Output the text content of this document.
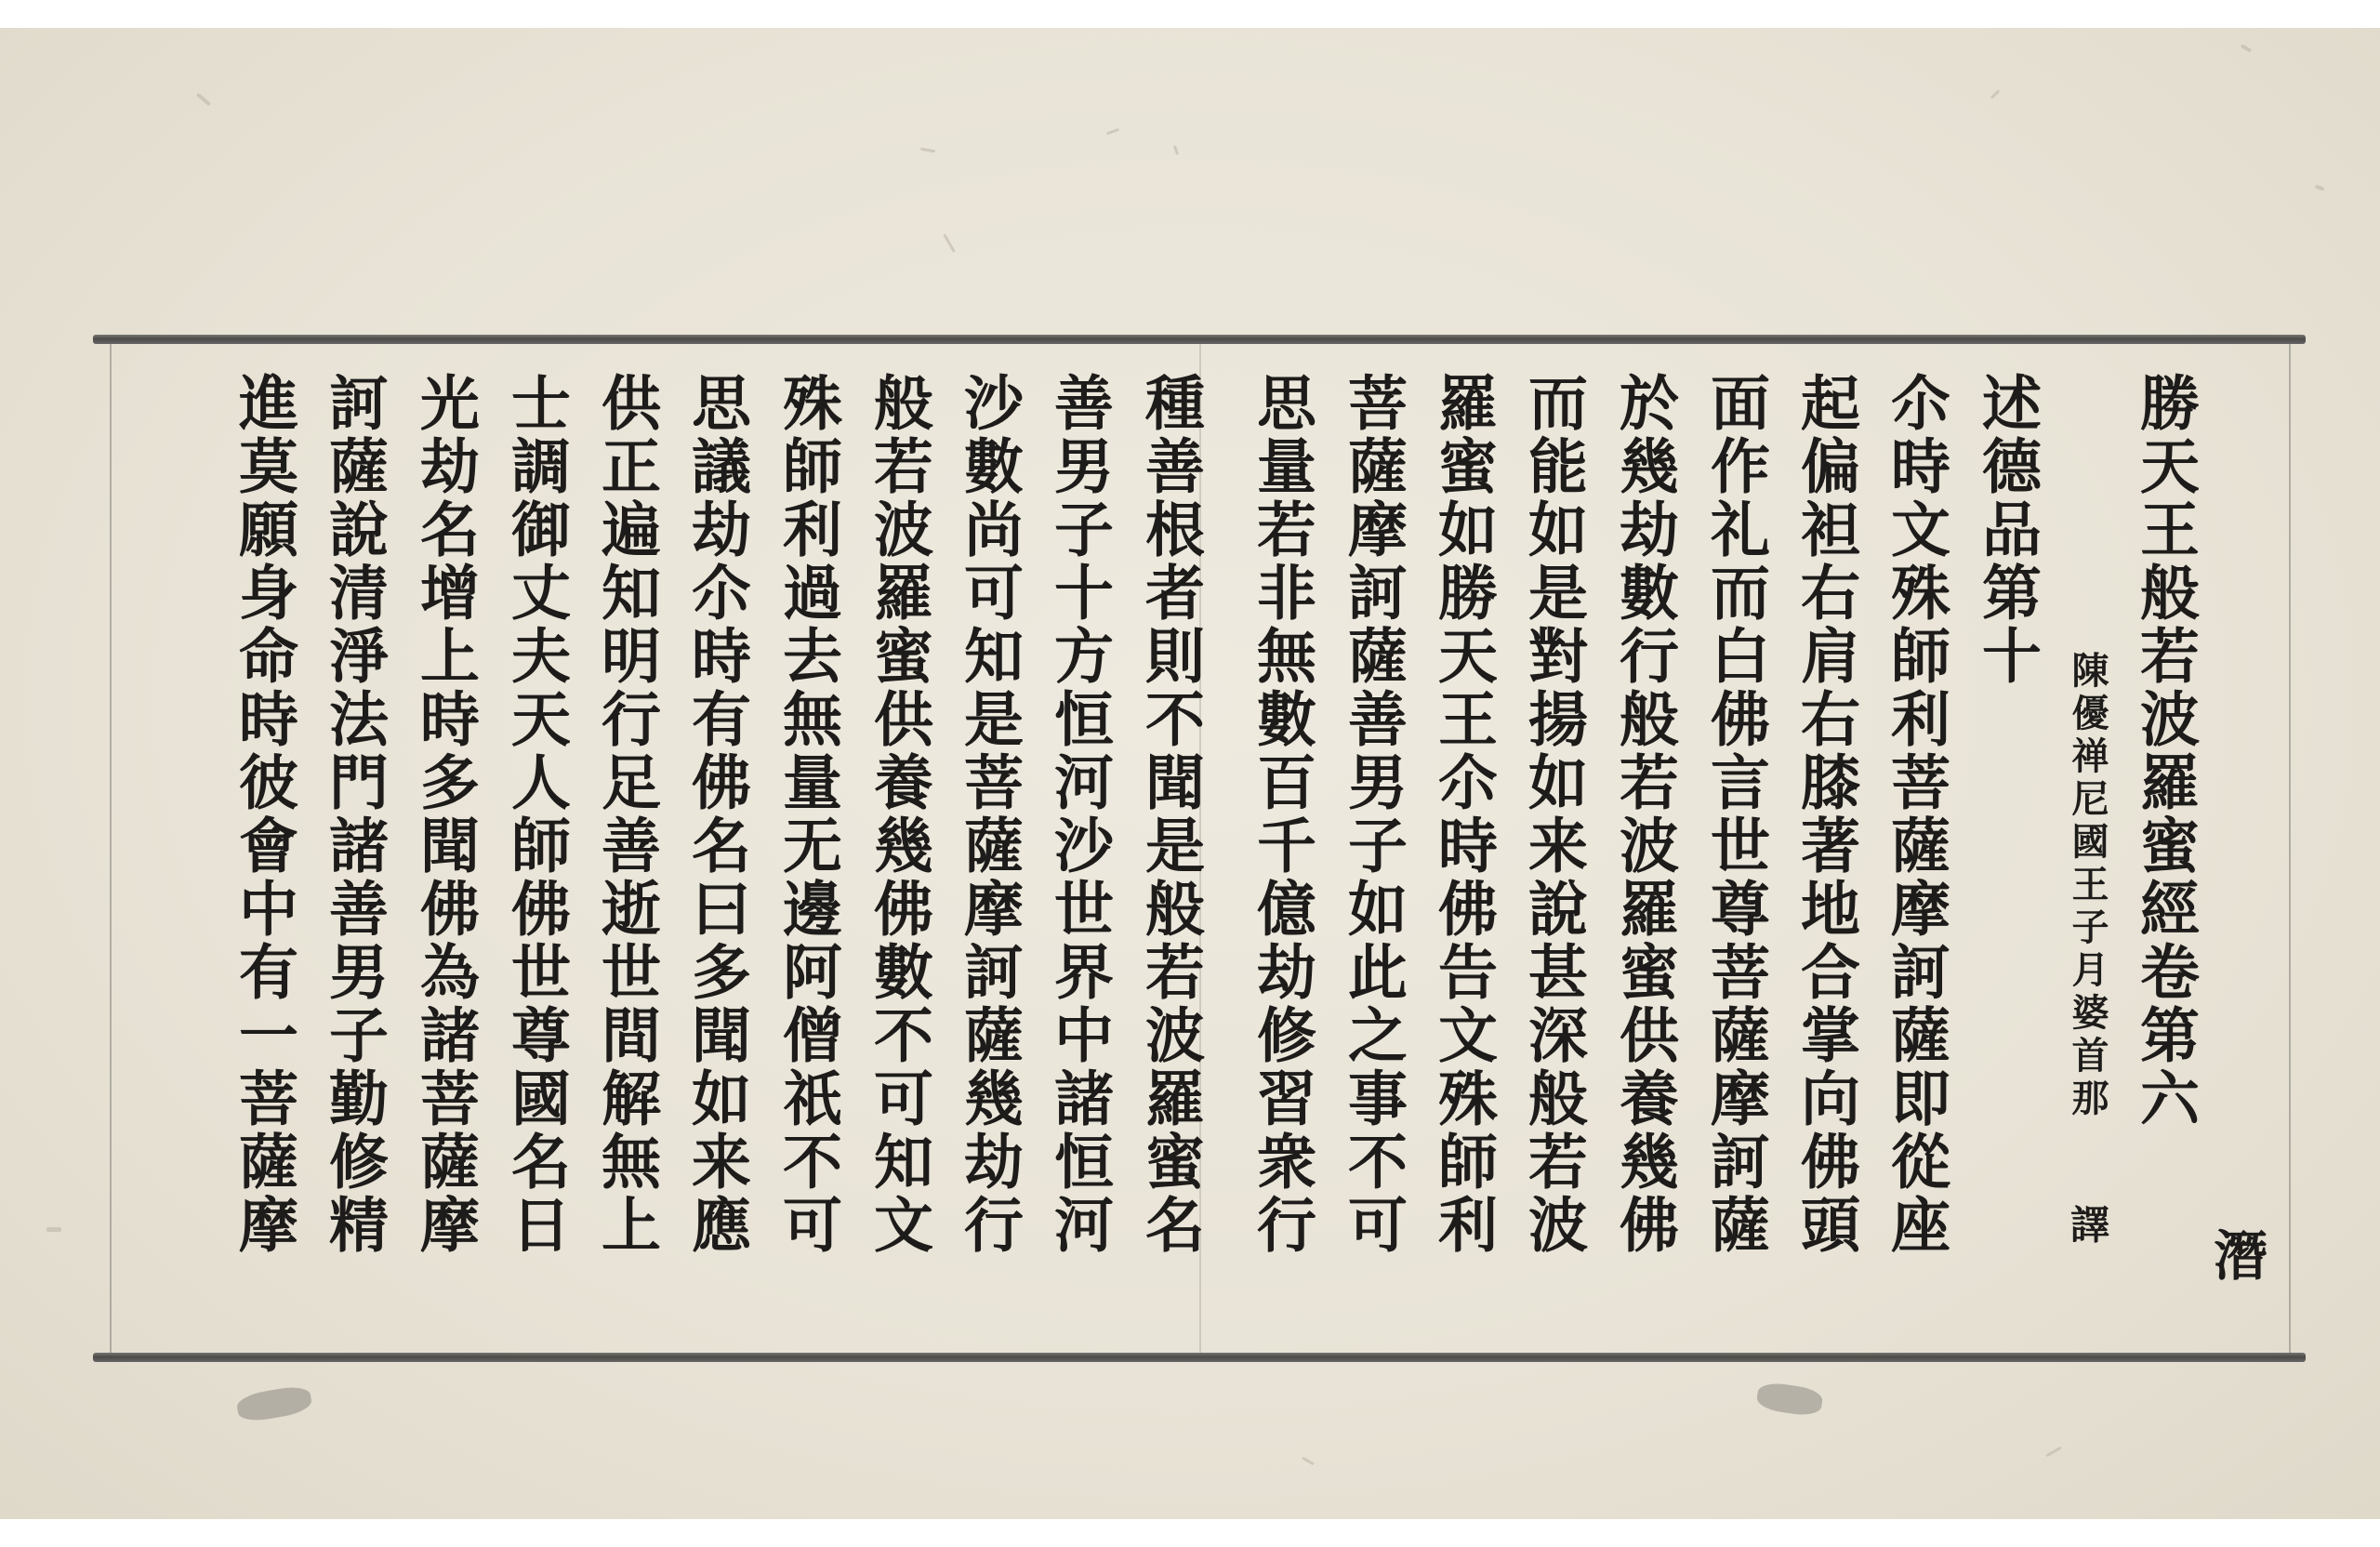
潛
勝天王般若波羅蜜經卷第六
陳優禅尼國王子月婆首那
譯
述德品第十
尒時文殊師利菩薩摩訶薩即從座
起偏袒右肩右膝著地合掌向佛頭
面作礼而白佛言世尊菩薩摩訶薩
於幾劫數行般若波羅蜜供養幾佛
而能如是對揚如来說甚深般若波
羅蜜如勝天王尒時佛告文殊師利
菩薩摩訶薩善男子如此之事不可
思量若非無數百千億劫修習衆行
種善根者則不聞是般若波羅蜜名
善男子十方恒河沙世界中諸恒河
沙數尚可知是菩薩摩訶薩幾劫行
般若波羅蜜供養幾佛數不可知文
殊師利過去無量无邊阿僧祇不可
思議劫尒時有佛名曰多聞如来應
供正遍知明行足善逝世間解無上
士調御丈夫天人師佛世尊國名日
光劫名增上時多聞佛為諸菩薩摩
訶薩說清淨法門諸善男子勤修精
進莫願身命時彼會中有一菩薩摩
